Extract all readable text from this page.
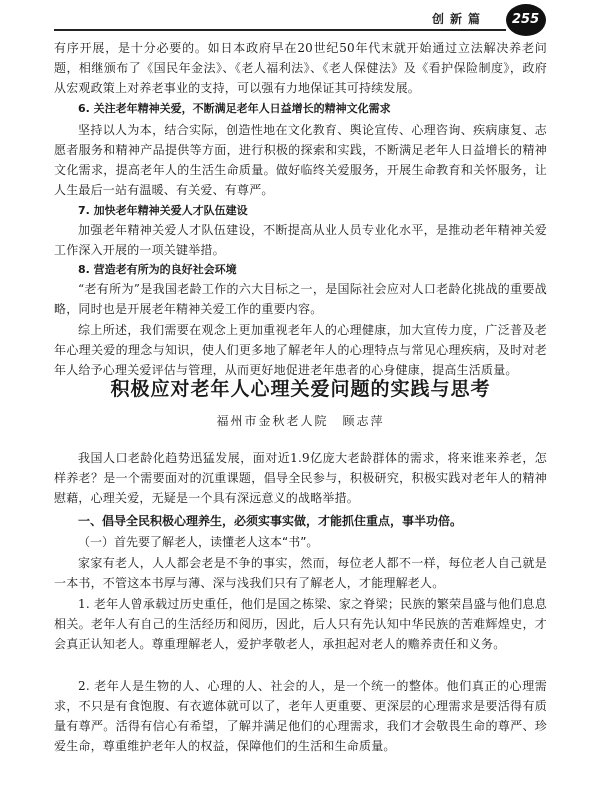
创新篇 255

有序开展，是十分必要的。如日本政府早在20世纪50年代末就开始通过立法解决养老问题，相继颁布了《国民年金法》、《老人福利法》、《老人保健法》及《看护保险制度》，政府从宏观政策上对养老事业的支持，可以强有力地保证其可持续发展。

6. 关注老年精神关爱，不断满足老年人日益增长的精神文化需求

坚持以人为本，结合实际，创造性地在文化教育、舆论宣传、心理咨询、疾病康复、志愿者服务和精神产品提供等方面，进行积极的探索和实践，不断满足老年人日益增长的精神文化需求，提高老年人的生活生命质量。做好临终关爱服务，开展生命教育和关怀服务，让人生最后一站有温暖、有关爱、有尊严。

7. 加快老年精神关爱人才队伍建设

加强老年精神关爱人才队伍建设，不断提高从业人员专业化水平，是推动老年精神关爱工作深入开展的一项关键举措。

8. 营造老有所为的良好社会环境

“老有所为”是我国老龄工作的六大目标之一，是国际社会应对人口老龄化挑战的重要战略，同时也是开展老年精神关爱工作的重要内容。

综上所述，我们需要在观念上更加重视老年人的心理健康，加大宣传力度，广泛普及老年心理关爱的理念与知识，使人们更多地了解老年人的心理特点与常见心理疾病，及时对老年人给予心理关爱评估与管理，从而更好地促进老年患者的心身健康，提高生活质量。

积极应对老年人心理关爱问题的实践与思考
福州市金秋老人院　顾志萍

我国人口老龄化趋势迅猛发展，面对近1.9亿庞大老龄群体的需求，将来谁来养老，怎样养老？是一个需要面对的沉重课题，倡导全民参与，积极研究，积极实践对老年人的精神慰藉，心理关爱，无疑是一个具有深远意义的战略举措。

一、倡导全民积极心理养生，必须实事实做，才能抓住重点，事半功倍。

（一）首先要了解老人，读懂老人这本“书”。

家家有老人，人人都会老是不争的事实，然而，每位老人都不一样，每位老人自己就是一本书，不管这本书厚与薄、深与浅我们只有了解老人，才能理解老人。

1. 老年人曾承载过历史重任，他们是国之栋梁、家之脊梁；民族的繁荣昌盛与他们息息相关。老年人有自己的生活经历和阅历，因此，后人只有先认知中华民族的苦难辉煌史，才会真正认知老人。尊重理解老人，爱护孝敬老人，承担起对老人的赡养责任和义务。

2. 老年人是生物的人、心理的人、社会的人，是一个统一的整体。他们真正的心理需求，不只是有食饱腹、有衣遮体就可以了，老年人更重要、更深层的心理需求是要活得有质量有尊严。活得有信心有希望，了解并满足他们的心理需求，我们才会敬畏生命的尊严、珍爱生命，尊重维护老年人的权益，保障他们的生活和生命质量。
